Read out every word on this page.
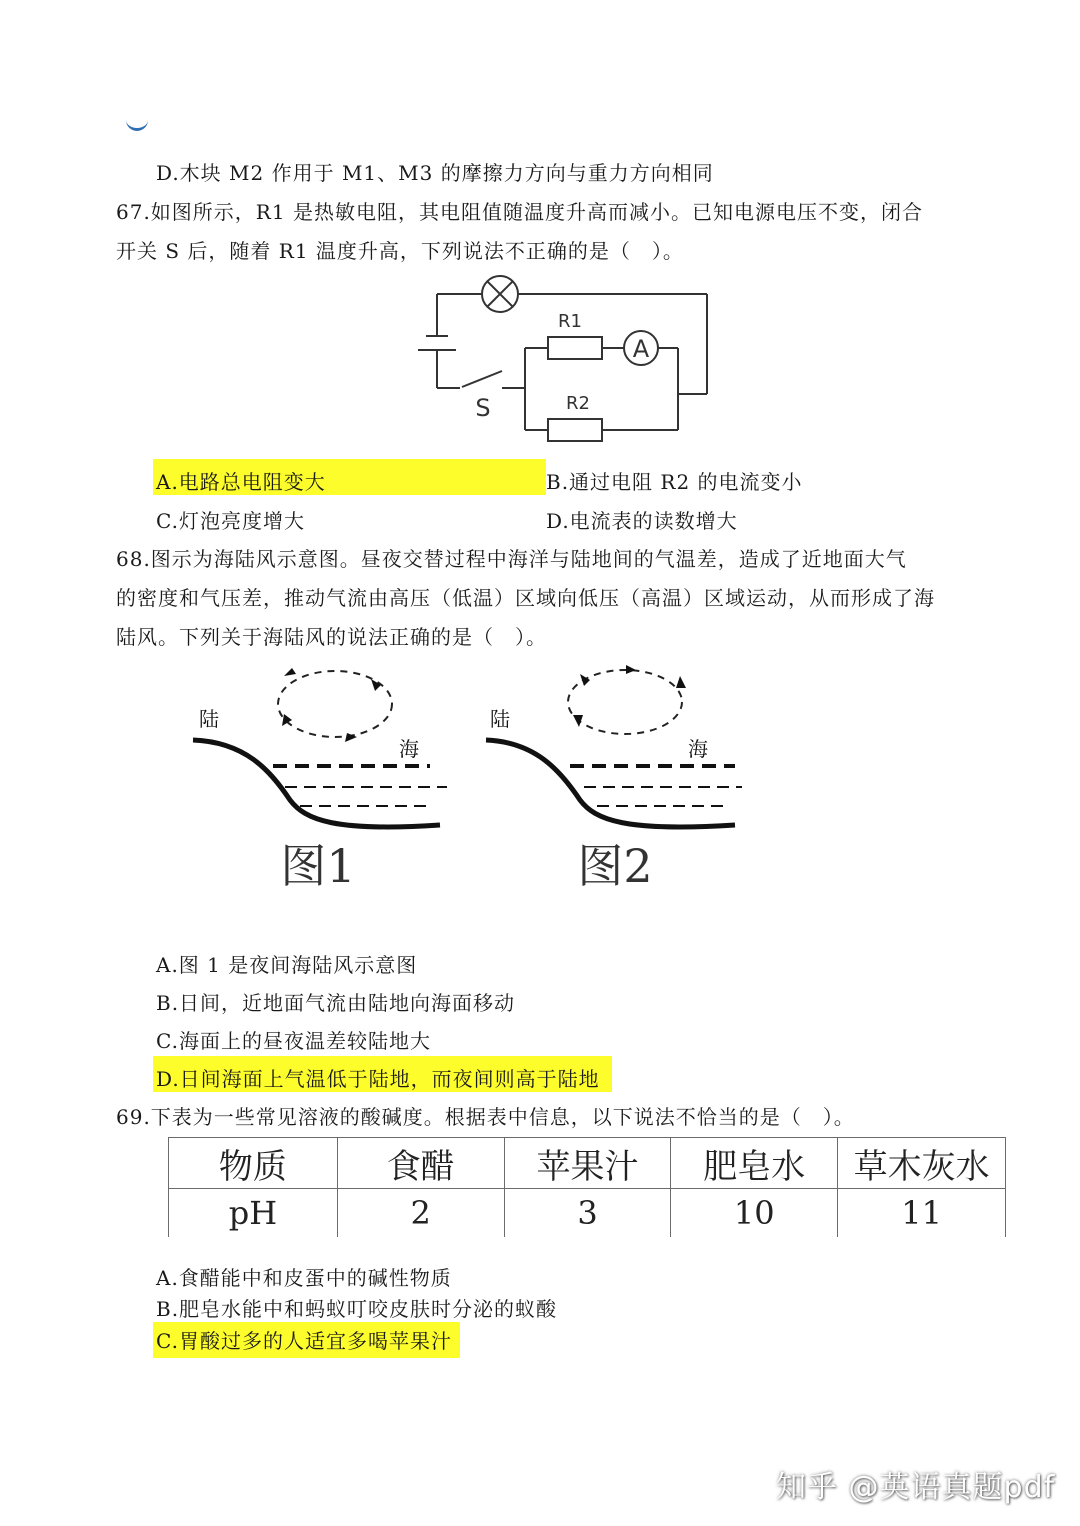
D.木块 M2 作用于 M1、M3 的摩擦力方向与重力方向相同
67.如图所示，R1 是热敏电阻，其电阻值随温度升高而减小。已知电源电压不变，闭合
开关 S 后，随着 R1 温度升高，下列说法不正确的是（　）。
A
R1
R2
S
A.电路总电阻变大	B.通过电阻 R2 的电流变小
C.灯泡亮度增大	D.电流表的读数增大
68.图示为海陆风示意图。昼夜交替过程中海洋与陆地间的气温差，造成了近地面大气
的密度和气压差，推动气流由高压（低温）区域向低压（高温）区域运动，从而形成了海
陆风。下列关于海陆风的说法正确的是（　）。
陆
海
图1
陆
海
图2
A.图 1 是夜间海陆风示意图
B.日间，近地面气流由陆地向海面移动
C.海面上的昼夜温差较陆地大
D.日间海面上气温低于陆地，而夜间则高于陆地
69.下表为一些常见溶液的酸碱度。根据表中信息，以下说法不恰当的是（　）。
物质	食醋	苹果汁	肥皂水	草木灰水
pH	2	3	10	11
A.食醋能中和皮蛋中的碱性物质
B.肥皂水能中和蚂蚁叮咬皮肤时分泌的蚁酸
C.胃酸过多的人适宜多喝苹果汁
知乎 @英语真题pdf
